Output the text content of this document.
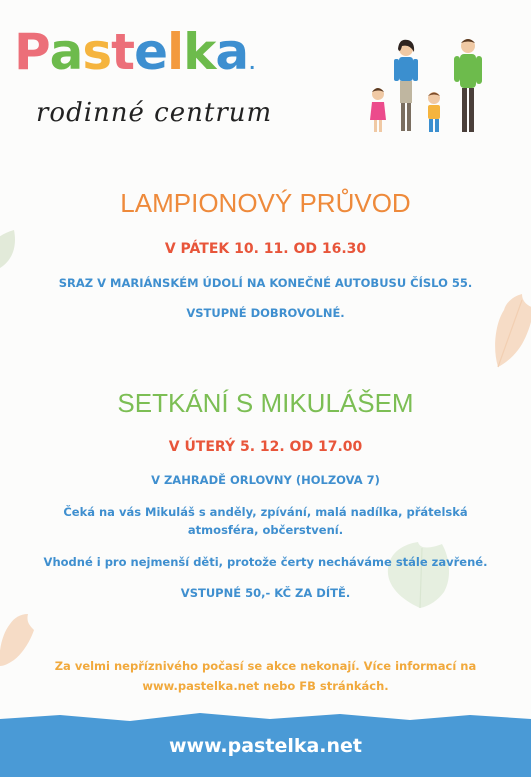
Pastelka.
rodinné centrum
LAMPIONOVÝ PRŮVOD
V PÁTEK 10. 11. OD 16.30
SRAZ V MARIÁNSKÉM ÚDOLÍ NA KONEČNÉ AUTOBUSU ČÍSLO 55.
VSTUPNÉ DOBROVOLNÉ.
SETKÁNÍ S MIKULÁŠEM
V ÚTERÝ 5. 12. OD 17.00
V ZAHRADĚ ORLOVNY (HOLZOVA 7)
Čeká na vás Mikuláš s anděly, zpívání, malá nadílka, přátelská
atmosféra, občerstvení.
Vhodné i pro nejmenší děti, protože čerty necháváme stále zavřené.
VSTUPNÉ 50,- KČ ZA DÍTĚ.
Za velmi nepříznivého počasí se akce nekonají. Více informací na
www.pastelka.net nebo FB stránkách.
www.pastelka.net
